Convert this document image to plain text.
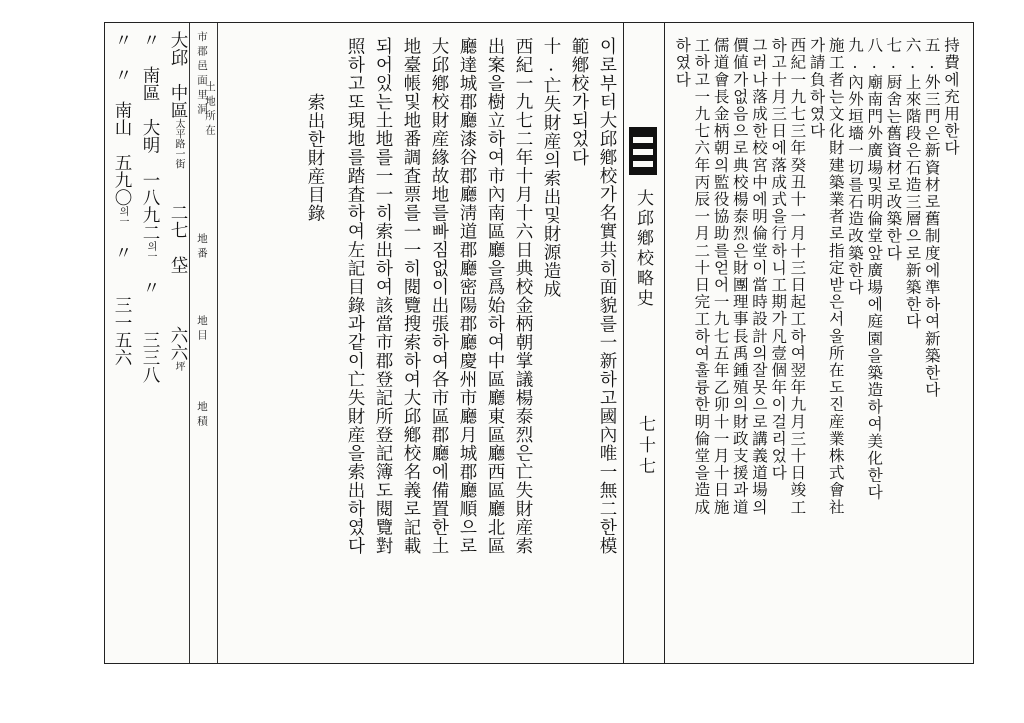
大邱鄕校略史
七十七
이로부터大邱鄕校가名實共히面貌를一新하고國內唯一無二한模
範鄕校가되었다
十.亡失財産의索出및財源造成
西紀一九七二年十月十六日典校金柄朝掌議楊泰烈은亡失財産索
出案을樹立하여市內南區廳을爲始하여中區廳東區廳西區廳北區
廳達城郡廳漆谷郡廳淸道郡廳密陽郡廳慶州市廳月城郡廳順으로
大邱鄕校財産緣故地를빠짐없이出張하여各市區郡廳에備置한土
地臺帳및地番調査票를一一히閱覽搜索하여大邱鄕校名義로記載
되어있는土地를一一히索出하여該當市郡登記所登記簿도閱覽對
照하고또現地를踏査하여左記目錄과같이亡失財産을索出하였다
索出한財産目錄
市郡邑面里洞
土地所在
地番
地目
地積
大邱　中區太平路一街　　二七　垈　　　六六坪
〃　南區　大明　一八九二의一　〃　　三三八
〃　〃　南山　五九〇의一　〃　　三一五六
持費에充用한다
五.外三門은新資材로舊制度에準하여新築한다
六.上來階段은石造三層으로新築한다
七.厨舍는舊資材로改築한다
八.廟南門外廣場및明倫堂앞廣場에庭園을築造하여美化한다
九.內外垣墻一切를石造改築한다
施工者는文化財建築業者로指定받은서울所在도진産業株式會社
가請負하였다
西紀一九七三年癸丑十一月十三日起工하여翌年九月三十日竣工
하고十月三日에落成式을行하니工期가凡壹個年이걸리었다
그러나落成한校宮中에明倫堂이當時設計의잘못으로講義道場의
價値가없음으로典校楊泰烈은財團理事長禹鍾殖의財政支援과道
儒道會長金柄朝의監役協助를얻어一九七五年乙卯十一月十日施
工하고一九七六年丙辰一月二十日完工하여훌륭한明倫堂을造成
하였다
